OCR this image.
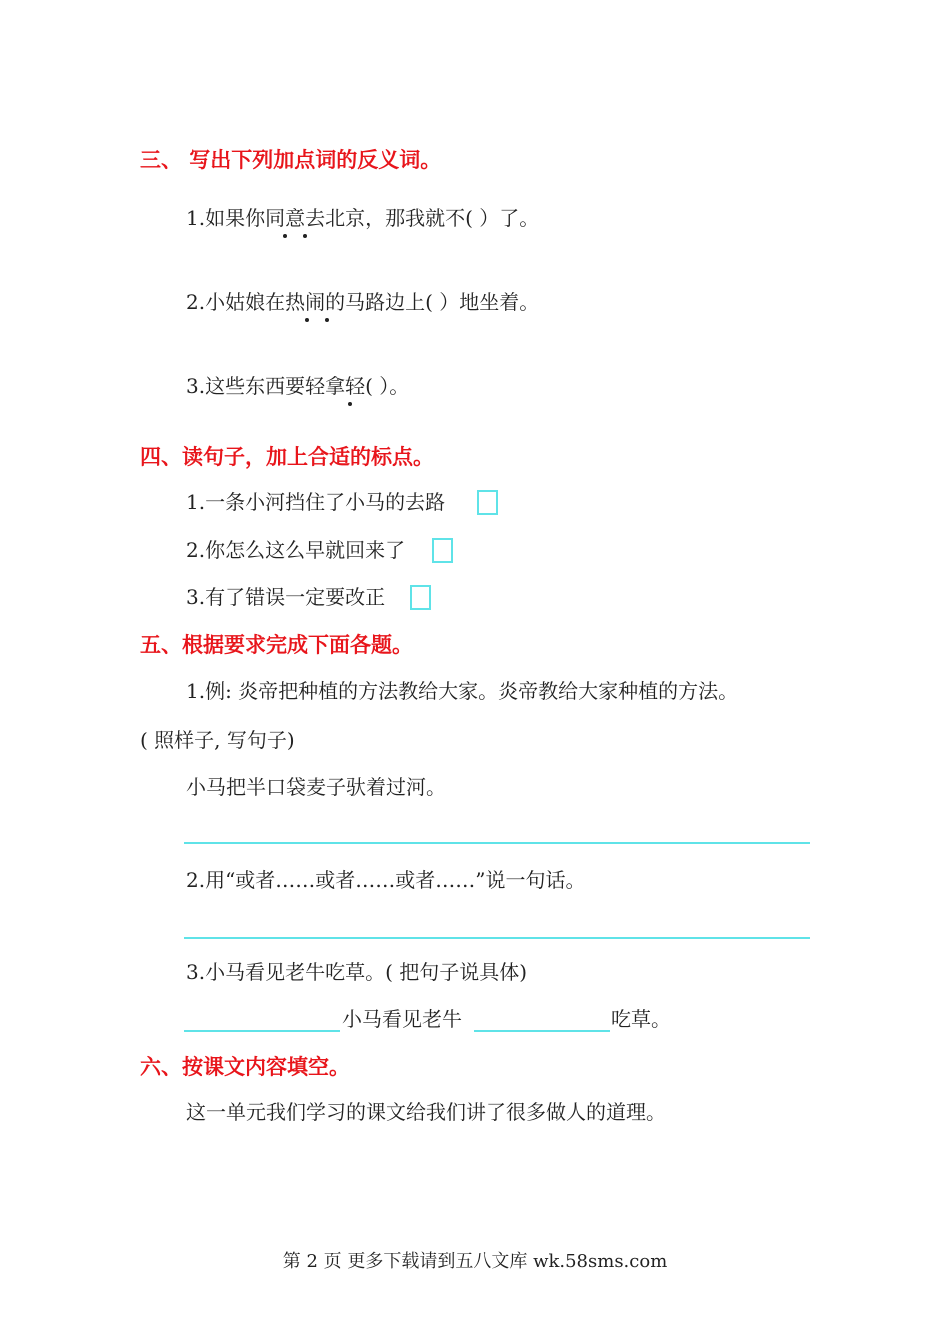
三、 写出下列加点词的反义词。
1.如果你同意去北京，那我就不( ）了。
2.小姑娘在热闹的马路边上( ）地坐着。
3.这些东西要轻拿轻( ）。
四、读句子，加上合适的标点。
1.一条小河挡住了小马的去路
2.你怎么这么早就回来了
3.有了错误一定要改正
五、根据要求完成下面各题。
1.例: 炎帝把种植的方法教给大家。炎帝教给大家种植的方法。
( 照样子, 写句子)
小马把半口袋麦子驮着过河。
2.用“或者……或者……或者……”说一句话。
3.小马看见老牛吃草。( 把句子说具体)
小马看见老牛	吃草。
六、按课文内容填空。
这一单元我们学习的课文给我们讲了很多做人的道理。
第 2 页 更多下载请到五八文库 wk.58sms.com
